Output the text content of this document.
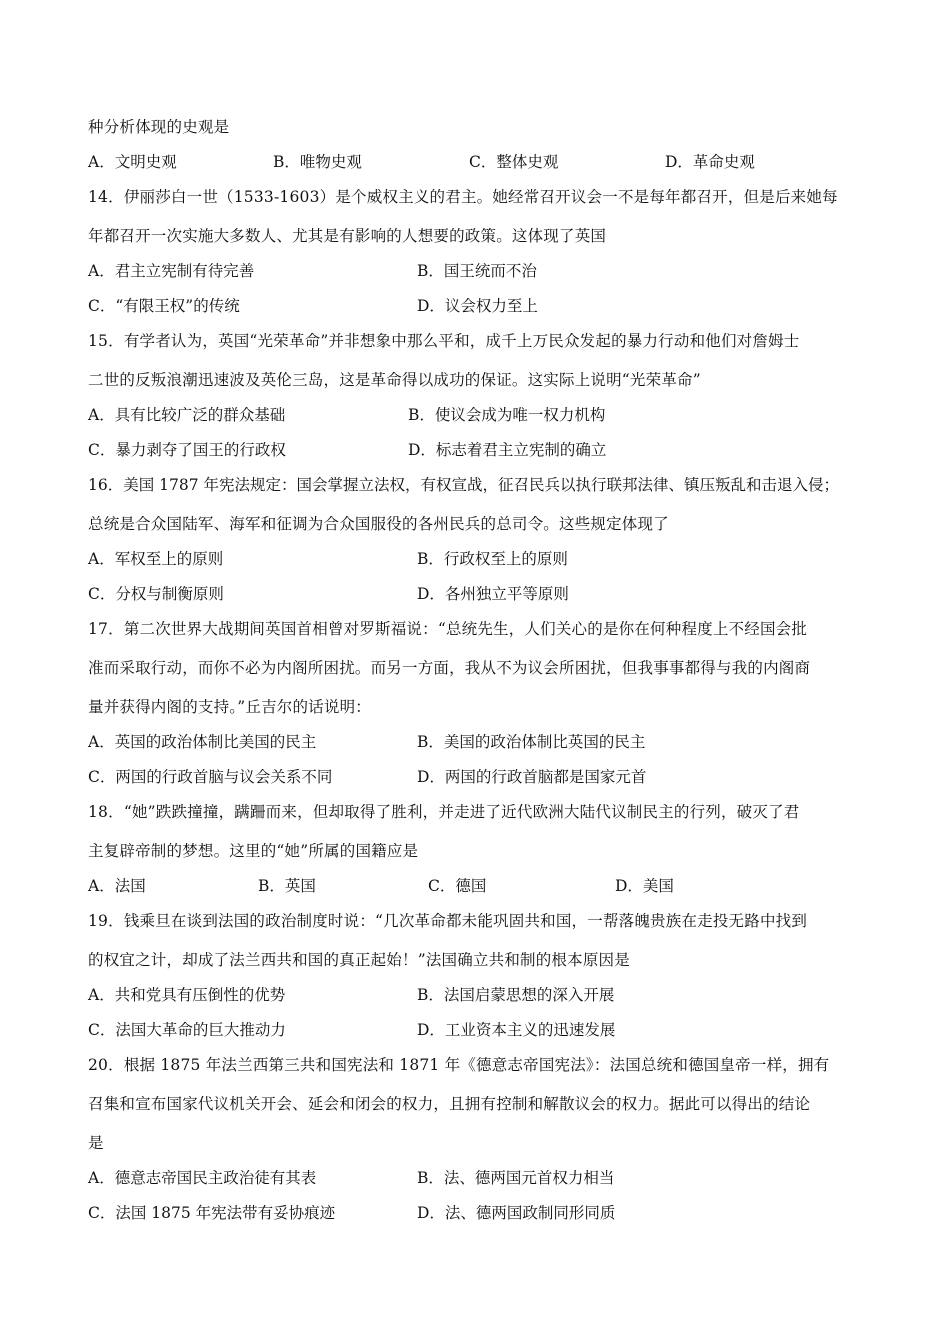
种分析体现的史观是
A．文明史观	B．唯物史观	C．整体史观	D．革命史观
14．伊丽莎白一世（1533-1603）是个威权主义的君主。她经常召开议会一不是每年都召开，但是后来她每
年都召开一次实施大多数人、尤其是有影响的人想要的政策。这体现了英国
A．君主立宪制有待完善	B．国王统而不治
C．“有限王权”的传统	D．议会权力至上
15．有学者认为，英国“光荣革命”并非想象中那么平和，成千上万民众发起的暴力行动和他们对詹姆士
二世的反叛浪潮迅速波及英伦三岛，这是革命得以成功的保证。这实际上说明“光荣革命”
A．具有比较广泛的群众基础	B．使议会成为唯一权力机构
C．暴力剥夺了国王的行政权	D．标志着君主立宪制的确立
16．美国 1787 年宪法规定：国会掌握立法权，有权宣战，征召民兵以执行联邦法律、镇压叛乱和击退入侵；
总统是合众国陆军、海军和征调为合众国服役的各州民兵的总司令。这些规定体现了
A．军权至上的原则	B．行政权至上的原则
C．分权与制衡原则	D．各州独立平等原则
17．第二次世界大战期间英国首相曾对罗斯福说：“总统先生，人们关心的是你在何种程度上不经国会批
准而采取行动，而你不必为内阁所困扰。而另一方面，我从不为议会所困扰，但我事事都得与我的内阁商
量并获得内阁的支持。”丘吉尔的话说明：
A．英国的政治体制比美国的民主	B．美国的政治体制比英国的民主
C．两国的行政首脑与议会关系不同	D．两国的行政首脑都是国家元首
18．“她”跌跌撞撞，蹒跚而来，但却取得了胜利，并走进了近代欧洲大陆代议制民主的行列，破灭了君
主复辟帝制的梦想。这里的“她”所属的国籍应是
A．法国	B．英国	C．德国	D．美国
19．钱乘旦在谈到法国的政治制度时说：“几次革命都未能巩固共和国，一帮落魄贵族在走投无路中找到
的权宜之计，却成了法兰西共和国的真正起始！”法国确立共和制的根本原因是
A．共和党具有压倒性的优势	B．法国启蒙思想的深入开展
C．法国大革命的巨大推动力	D．工业资本主义的迅速发展
20．根据 1875 年法兰西第三共和国宪法和 1871 年《德意志帝国宪法》：法国总统和德国皇帝一样，拥有
召集和宣布国家代议机关开会、延会和闭会的权力，且拥有控制和解散议会的权力。据此可以得出的结论
是
A．德意志帝国民主政治徒有其表	B．法、德两国元首权力相当
C．法国 1875 年宪法带有妥协痕迹	D．法、德两国政制同形同质
